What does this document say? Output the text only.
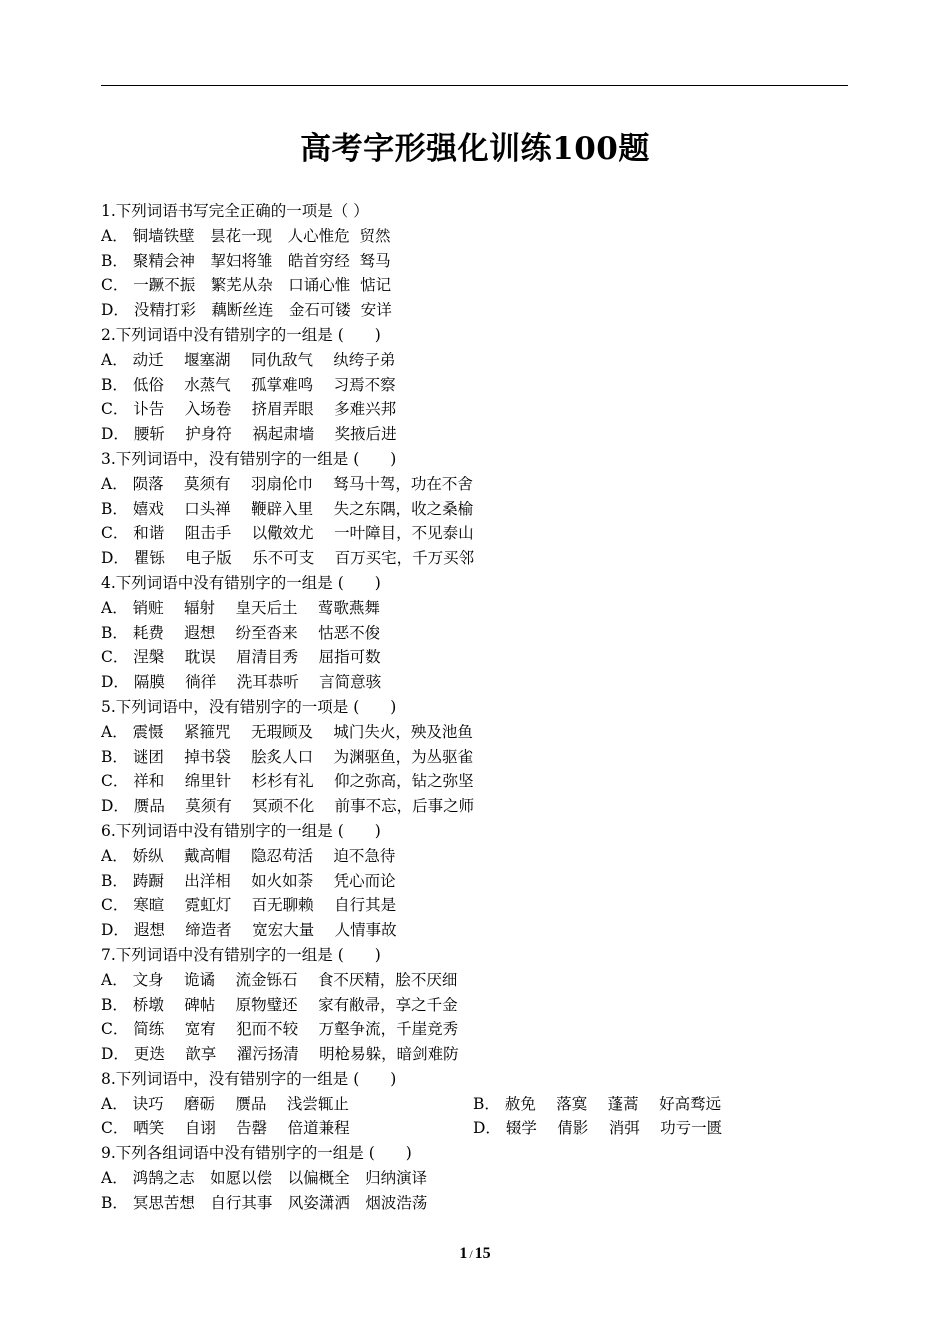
高考字形强化训练100题
1.下列词语书写完全正确的一项是（ ）
A． 铜墙铁壁　昙花一现　人心惟危  贸然
B． 聚精会神　挈妇将雏　皓首穷经  驽马
C． 一蹶不振　繁芜从杂　口诵心惟  惦记
D． 没精打彩　藕断丝连　金石可镂  安详
2.下列词语中没有错别字的一组是 (　　)
A． 动迁　 堰塞湖　 同仇敌气　 纨绔子弟
B． 低俗　 水蒸气　 孤掌难鸣　 习焉不察
C． 讣告　 入场卷　 挤眉弄眼　 多难兴邦
D． 腰斩　 护身符　 祸起肃墙　 奖掖后进
3.下列词语中，没有错别字的一组是 (　　)
A． 陨落　 莫须有　 羽扇伦巾　 驽马十驾，功在不舍
B． 嬉戏　 口头禅　 鞭辟入里　 失之东隅，收之桑榆
C． 和谐　 阻击手　 以儆效尤　 一叶障目，不见泰山
D． 瞿铄　 电子版　 乐不可支　 百万买宅，千万买邻
4.下列词语中没有错别字的一组是 (　　)
A． 销赃　 辐射　 皇天后土　 莺歌燕舞
B． 耗费　 遐想　 纷至沓来　 怙恶不俊
C． 涅槃　 耽误　 眉清目秀　 屈指可数
D． 隔膜　 徜徉　 洗耳恭听　 言简意骇
5.下列词语中，没有错别字的一项是 (　　)
A． 震慑　 紧箍咒　 无瑕顾及　 城门失火，殃及池鱼
B． 谜团　 掉书袋　 脍炙人口　 为渊驱鱼，为丛驱雀
C． 祥和　 绵里针　 杉杉有礼　 仰之弥高，钻之弥坚
D． 赝品　 莫须有　 冥顽不化　 前事不忘，后事之师
6.下列词语中没有错别字的一组是 (　　)
A． 娇纵　 戴高帽　 隐忍苟活　 迫不急待
B． 踌蹰　 出洋相　 如火如荼　 凭心而论
C． 寒暄　 霓虹灯　 百无聊赖　 自行其是
D． 遐想　 缔造者　 宽宏大量　 人情事故
7.下列词语中没有错别字的一组是 (　　)
A． 文身　 诡谲　 流金铄石　 食不厌精，脍不厌细
B． 桥墩　 碑帖　 原物璧还　 家有敝帚，享之千金
C． 简练　 宽宥　 犯而不较　 万壑争流，千崖竞秀
D． 更迭　 歆享　 濯污扬清　 明枪易躲，暗剑难防
8.下列词语中，没有错别字的一组是 (　　)
A． 诀巧　 磨砺　 赝品　 浅尝辄止	B． 赦免　 落寞　 蓬蒿　 好高骛远
C． 哂笑　 自诩　 告罄　 倍道兼程	D． 辍学　 倩影　 消弭　 功亏一匮
9.下列各组词语中没有错别字的一组是 (　　)
A． 鸿鹄之志　如愿以偿　以偏概全　归纳演译
B． 冥思苦想　自行其事　风姿潇洒　烟波浩荡
1 / 15
